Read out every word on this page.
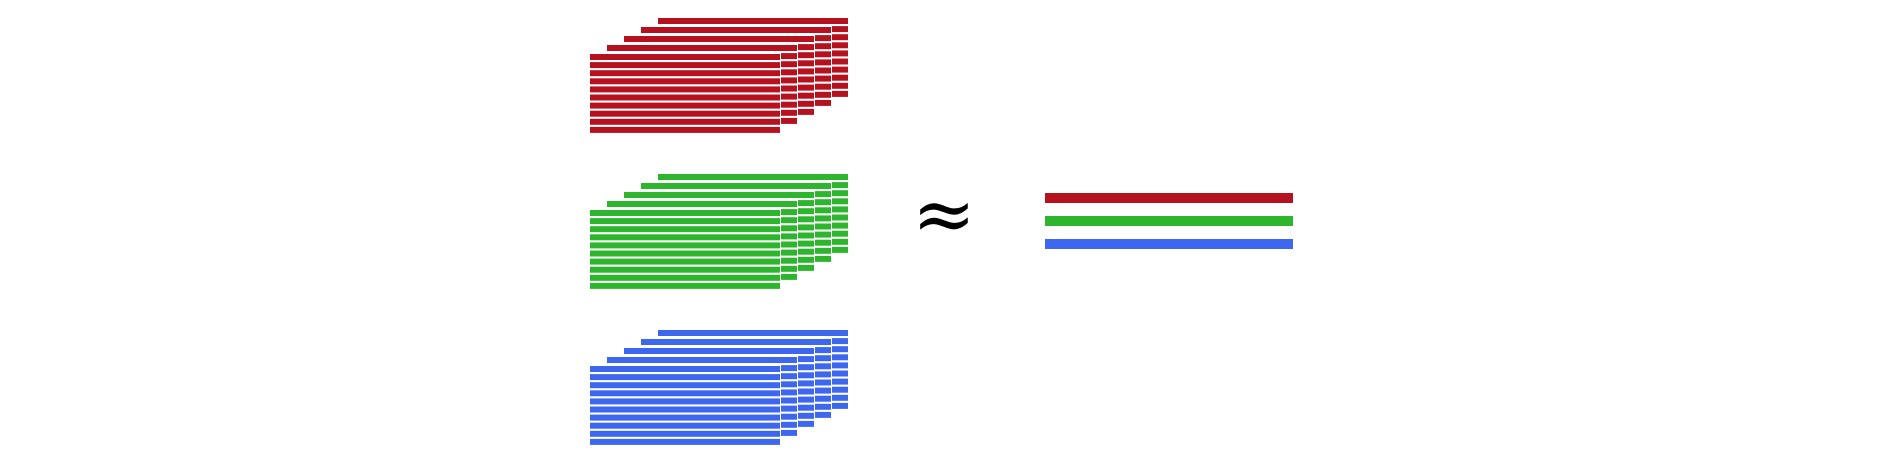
≈
